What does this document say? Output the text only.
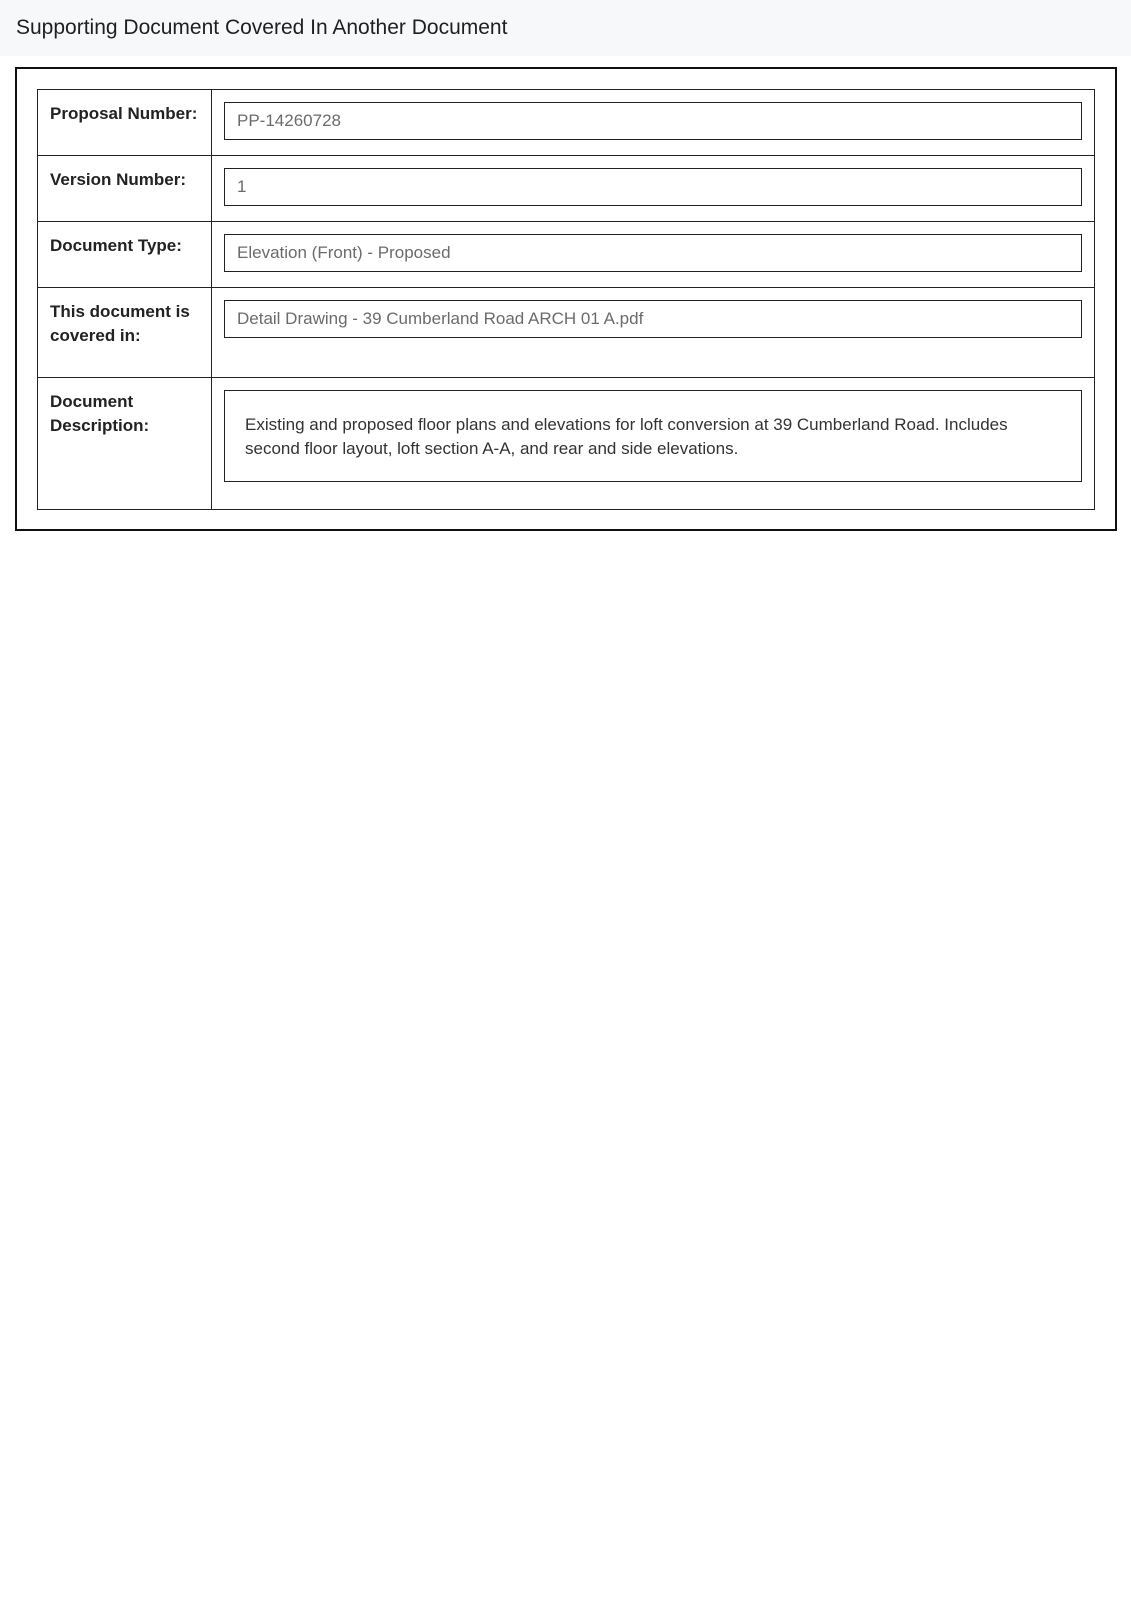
Supporting Document Covered In Another Document
Proposal Number:	PP-14260728

Version Number:	1

Document Type:	Elevation (Front) - Proposed

This document is covered in:	Detail Drawing - 39 Cumberland Road ARCH 01 A.pdf

Document Description:	Existing and proposed floor plans and elevations for loft conversion at 39 Cumberland Road. Includes second floor layout, loft section A-A, and rear and side elevations.
